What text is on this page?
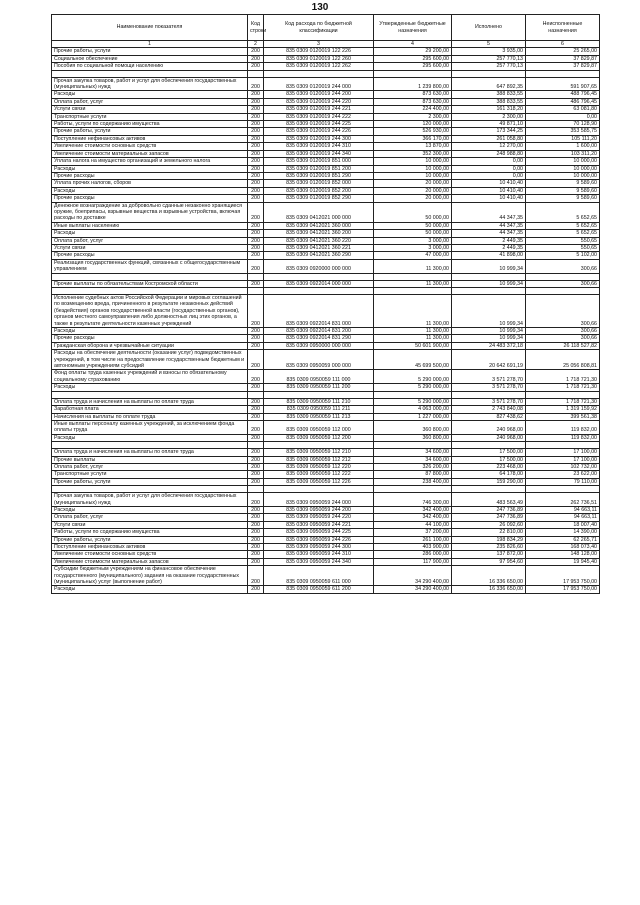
130
Наименование показателя	Код строки	Код расхода по бюджетной классификации	Утвержденные бюджетные назначения	Исполнено	Неисполненные назначения
1	2	3	4	5	6
Прочие работы, услуги	200	835 0309 0120019 122 226	29 200,00	3 935,00	25 265,00
Социальное обеспечение	200	835 0309 0120019 122 260	295 600,00	257 770,13	37 829,87
Пособия по социальной помощи населению	200	835 0309 0120019 122 262	295 600,00	257 770,13	37 829,87

Прочая закупка товаров, работ и услуг для обеспечения государственных (муниципальных) нужд	200	835 0309 0120019 244 000	1 239 800,00	647 892,35	591 907,65
Расходы	200	835 0309 0120019 244 200	873 630,00	388 833,55	488 796,45
Оплата работ, услуг	200	835 0309 0120019 244 220	873 630,00	388 833,55	486 796,45
Услуги связи	200	835 0309 0120019 244 221	224 400,00	161 318,20	63 081,80
Транспортные услуги	200	835 0309 0120019 244 222	2 300,00	2 300,00	0,00
Работы, услуги по содержанию имущества	200	835 0309 0120019 244 225	120 000,00	49 871,10	70 128,90
Прочие работы, услуги	200	835 0309 0120019 244 226	526 930,00	173 344,25	353 585,75
Поступление нефинансовых активов	200	835 0309 0120019 244 300	366 170,00	261 058,80	105 111,20
Увеличение стоимости основных средств	200	835 0309 0120019 244 310	13 870,00	12 270,00	1 600,00
Увеличение стоимости материальных запасов	200	835 0309 0120019 244 340	352 300,00	248 988,80	103 311,20
Уплата налога на имущество организаций и земельного налога	200	835 0309 0120019 851 000	10 000,00	0,00	10 000,00
Расходы	200	835 0309 0120019 851 200	10 000,00	0,00	10 000,00
Прочие расходы	200	835 0309 0120019 851 290	10 000,00	0,00	10 000,00
Уплата прочих налогов, сборов	200	835 0309 0120019 852 000	20 000,00	10 410,40	9 589,60
Расходы	200	835 0309 0120019 852 200	20 000,00	10 410,40	9 589,60
Прочие расходы	200	835 0309 0120019 852 290	20 000,00	10 410,40	9 589,60
Денежное вознаграждение за добровольно сданные незаконно хранящиеся оружие, боеприпасы, взрывные вещества и взрывные устройства, включая расходы по доставке	200	835 0309 0412021 000 000	50 000,00	44 347,35	5 652,65
Иные выплаты населению	200	835 0309 0412021 360 000	50 000,00	44 347,35	5 652,65
Расходы	200	835 0309 0412021 360 200	50 000,00	44 347,35	5 652,65
Оплата работ, услуг	200	835 0309 0412021 360 220	3 000,00	2 449,35	550,65
Услуги связи	200	835 0309 0412021 360 221	3 000,00	2 449,35	550,65
Прочие расходы	200	835 0309 0412021 360 290	47 000,00	41 898,00	5 102,00
Реализация государственных функций, связанных с общегосударственным управлением	200	835 0309 0920000 000 000	11 300,00	10 999,34	300,66

Прочие выплаты по обязательствам Костромской области	200	835 0309 0922014 000 000	11 300,00	10 999,34	300,66

Исполнение судебных актов Российской Федерации и мировых соглашений по возмещению вреда, причиненного в результате незаконных действий (бездействия) органов государственной власти (государственных органов), органов местного самоуправления либо должностных лиц этих органов, а также в результате деятельности казенных учреждений	200	835 0309 0922014 831 000	11 300,00	10 999,34	300,66
Расходы	200	835 0309 0922014 831 200	11 300,00	10 999,34	300,66
Прочие расходы	200	835 0309 0922014 831 290	11 300,00	10 999,34	300,66
Гражданская оборона и чрезвычайные ситуации	200	835 0309 0950000 000 000	50 601 900,00	24 483 372,18	26 118 527,82
Расходы на обеспечение деятельности (оказание услуг) подведомственных учреждений, в том числе на предоставление государственным бюджетным и автономным учреждениям субсидий	200	835 0309 0950059 000 000	45 699 500,00	20 642 691,19	25 056 808,81
Фонд оплаты труда казенных учреждений и взносы по обязательному социальному страхованию	200	835 0309 0950059 111 000	5 290 000,00	3 571 278,70	1 718 721,30
Расходы	200	835 0309 0950059 111 200	5 290 000,00	3 571 278,70	1 718 721,30

Оплата труда и начисления на выплаты по оплате труда	200	835 0309 0950059 111 210	5 290 000,00	3 571 278,70	1 718 721,30
Заработная плата	200	835 0309 0950059 111 211	4 063 000,00	2 743 840,08	1 319 159,92
Начисления на выплаты по оплате труда	200	835 0309 0950059 111 213	1 227 000,00	827 438,62	399 561,38
Иные выплаты персоналу казенных учреждений, за исключением фонда оплаты труда	200	835 0309 0950059 112 000	360 800,00	240 968,00	119 832,00
Расходы	200	835 0309 0950059 112 200	360 800,00	240 968,00	119 832,00

Оплата труда и начисления на выплаты по оплате труда	200	835 0309 0950059 112 210	34 600,00	17 500,00	17 100,00
Прочие выплаты	200	835 0309 0950059 112 212	34 600,00	17 500,00	17 100,00
Оплата работ, услуг	200	835 0309 0950059 112 220	326 200,00	223 468,00	102 732,00
Транспортные услуги	200	835 0309 0950059 112 222	87 800,00	64 178,00	23 622,00
Прочие работы, услуги	200	835 0309 0950059 112 226	238 400,00	159 290,00	79 110,00

Прочая закупка товаров, работ и услуг для обеспечения государственных (муниципальных) нужд	200	835 0309 0950059 244 000	746 300,00	483 563,49	262 736,51
Расходы	200	835 0309 0950059 244 200	342 400,00	247 736,89	94 663,11
Оплата работ, услуг	200	835 0309 0950059 244 220	342 400,00	247 736,89	94 663,11
Услуги связи	200	835 0309 0950059 244 221	44 100,00	26 092,60	18 007,40
Работы, услуги по содержанию имущества	200	835 0309 0950059 244 225	37 200,00	22 810,00	14 390,00
Прочие работы, услуги	200	835 0309 0950059 244 226	261 100,00	198 834,29	62 265,71
Поступление нефинансовых активов	200	835 0309 0950059 244 300	403 900,00	235 826,60	168 073,40
Увеличение стоимости основных средств	200	835 0309 0950059 244 310	286 000,00	137 872,00	148 128,00
Увеличение стоимости материальных запасов	200	835 0309 0950059 244 340	117 900,00	97 954,60	19 945,40
Субсидии бюджетным учреждениям на финансовое обеспечение государственного (муниципального) задания на оказание государственных (муниципальных) услуг (выполнение работ)	200	835 0309 0950059 611 000	34 290 400,00	16 336 650,00	17 953 750,00
Расходы	200	835 0309 0950059 611 200	34 290 400,00	16 336 650,00	17 953 750,00
